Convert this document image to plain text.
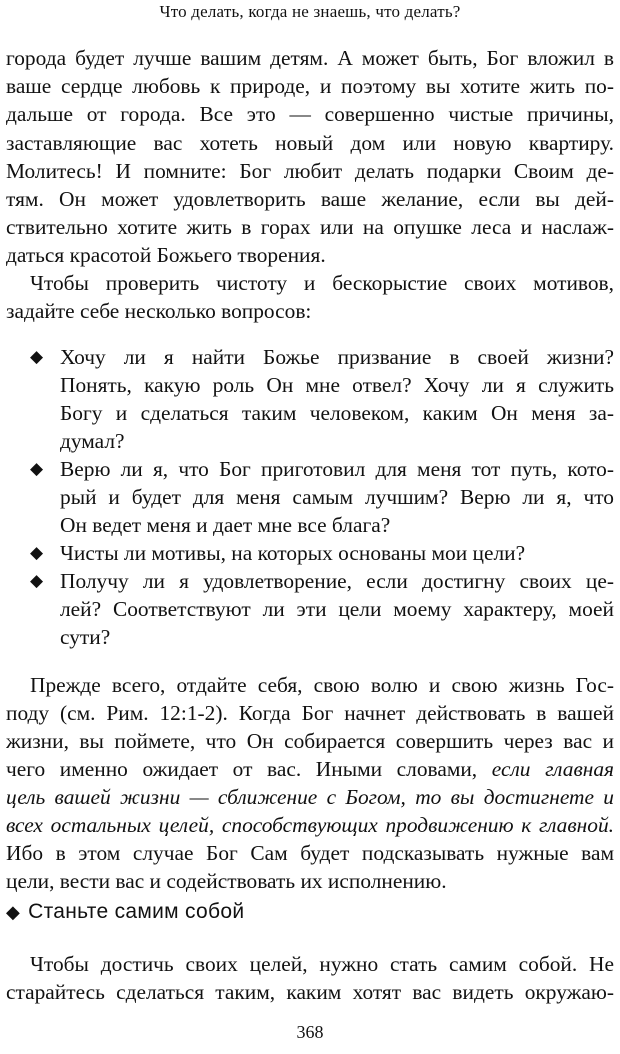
Что делать, когда не знаешь, что делать?
города будет лучше вашим детям. А может быть, Бог вложил в
ваше сердце любовь к природе, и поэтому вы хотите жить по-
дальше от города. Все это — совершенно чистые причины,
заставляющие вас хотеть новый дом или новую квартиру.
Молитесь! И помните: Бог любит делать подарки Своим де-
тям. Он может удовлетворить ваше желание, если вы дей-
ствительно хотите жить в горах или на опушке леса и наслаж-
даться красотой Божьего творения.
Чтобы проверить чистоту и бескорыстие своих мотивов,
задайте себе несколько вопросов:
◆ Хочу ли я найти Божье призвание в своей жизни?
Понять, какую роль Он мне отвел? Хочу ли я служить
Богу и сделаться таким человеком, каким Он меня за-
думал?
◆ Верю ли я, что Бог приготовил для меня тот путь, кото-
рый и будет для меня самым лучшим? Верю ли я, что
Он ведет меня и дает мне все блага?
◆ Чисты ли мотивы, на которых основаны мои цели?
◆ Получу ли я удовлетворение, если достигну своих це-
лей? Соответствуют ли эти цели моему характеру, моей
сути?
Прежде всего, отдайте себя, свою волю и свою жизнь Гос-
поду (см. Рим. 12:1-2). Когда Бог начнет действовать в вашей
жизни, вы поймете, что Он собирается совершить через вас и
чего именно ожидает от вас. Иными словами, если главная
цель вашей жизни — сближение с Богом, то вы достигнете и
всех остальных целей, способствующих продвижению к главной.
Ибо в этом случае Бог Сам будет подсказывать нужные вам
цели, вести вас и содействовать их исполнению.
◆ Станьте самим собой
Чтобы достичь своих целей, нужно стать самим собой. Не
старайтесь сделаться таким, каким хотят вас видеть окружаю-
368
